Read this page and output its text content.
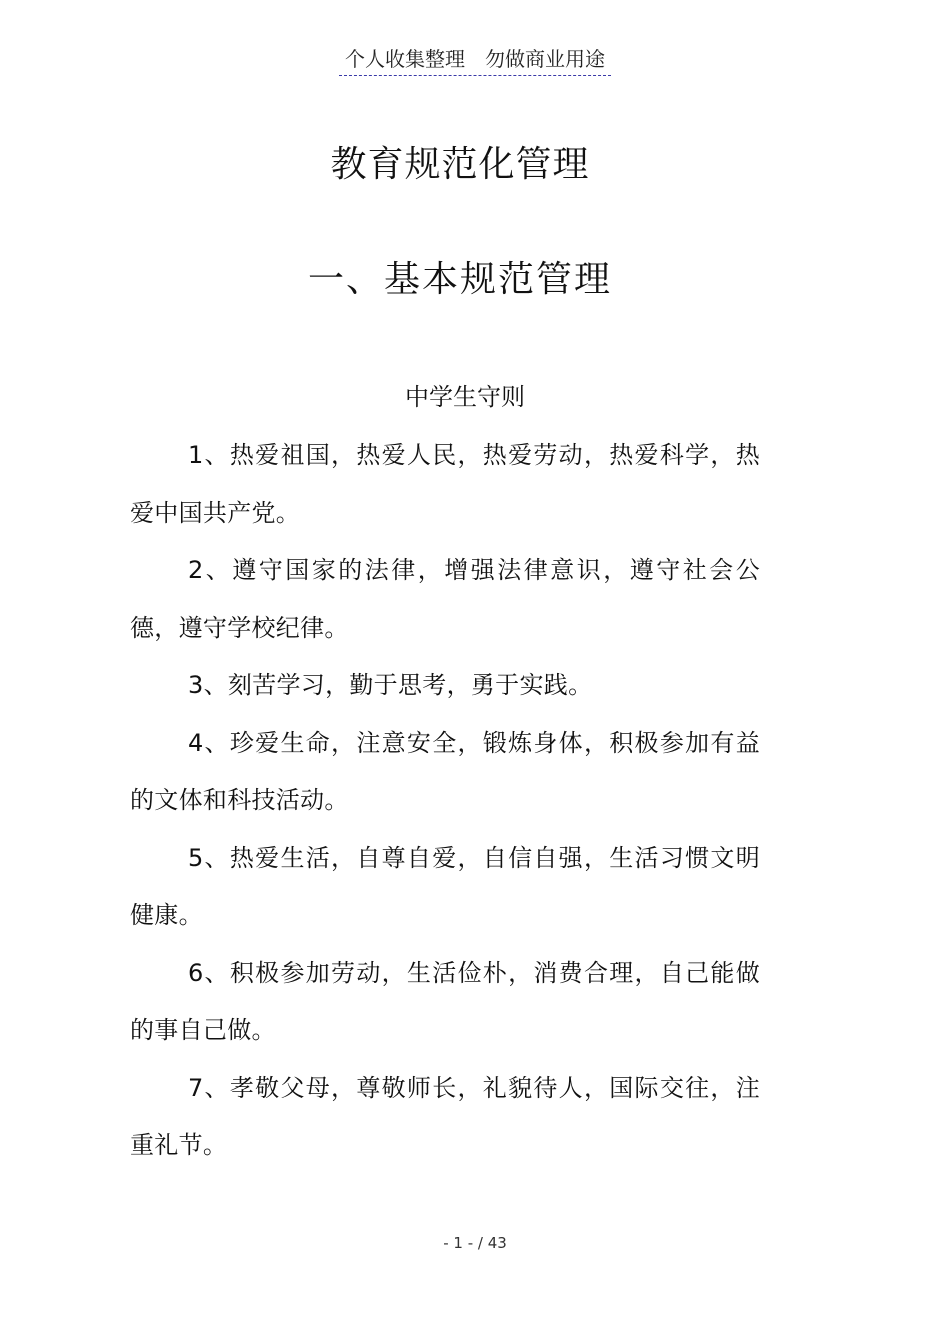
个人收集整理　勿做商业用途
教育规范化管理
一、基本规范管理
中学生守则
1、热爱祖国，热爱人民，热爱劳动，热爱科学，热爱中国共产党。
2、遵守国家的法律，增强法律意识，遵守社会公德，遵守学校纪律。
3、刻苦学习，勤于思考，勇于实践。
4、珍爱生命，注意安全，锻炼身体，积极参加有益的文体和科技活动。
5、热爱生活，自尊自爱，自信自强，生活习惯文明健康。
6、积极参加劳动，生活俭朴，消费合理，自己能做的事自己做。
7、孝敬父母，尊敬师长，礼貌待人，国际交往，注重礼节。
- 1 - / 43
